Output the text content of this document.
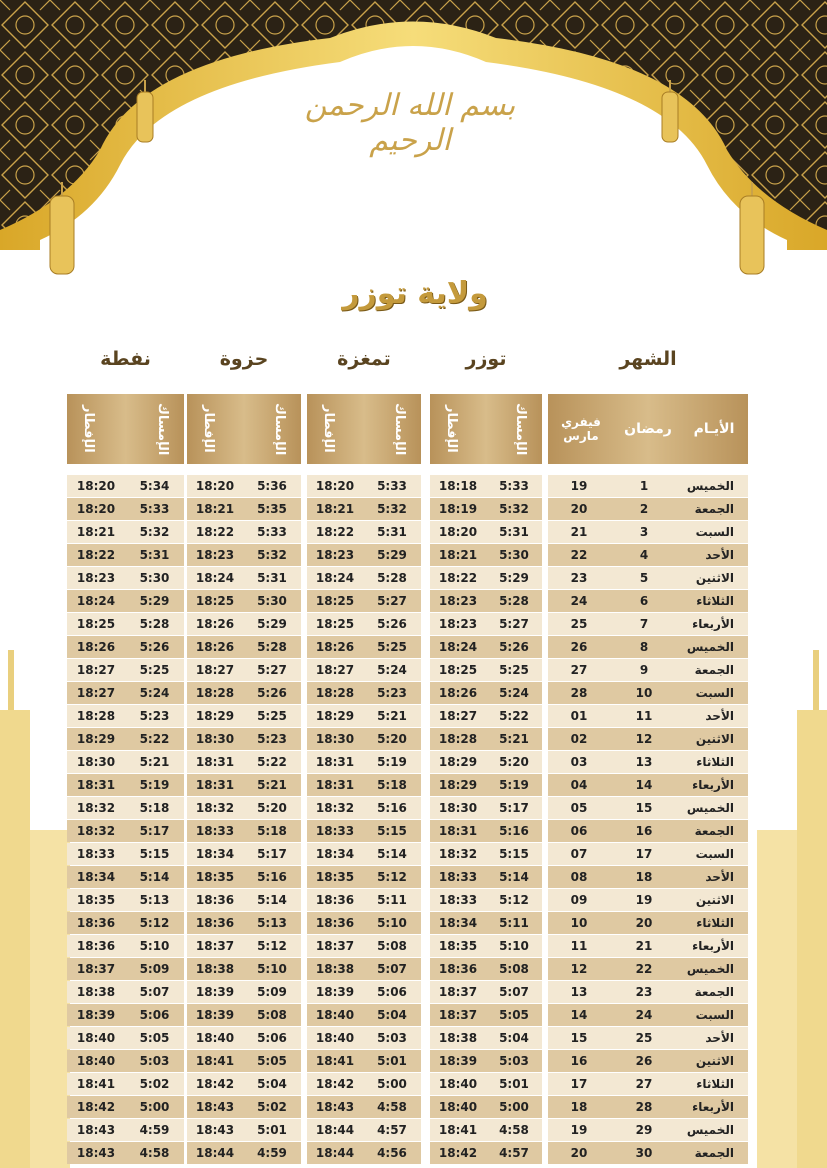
بسم الله الرحمن الرحيم
ولاية توزر
الشهر
توزر
تمغزة
حزوة
نفطة
الأيـام
رمضان
فيفري مارس
الإمساك
الإفطار
الإمساك
الإفطار
الإمساك
الإفطار
الإمساك
الإفطار
18:20	5:34	18:20	5:36	18:20	5:33	18:18	5:33	19	1	الخميس
18:20	5:33	18:21	5:35	18:21	5:32	18:19	5:32	20	2	الجمعة
18:21	5:32	18:22	5:33	18:22	5:31	18:20	5:31	21	3	السبت
18:22	5:31	18:23	5:32	18:23	5:29	18:21	5:30	22	4	الأحد
18:23	5:30	18:24	5:31	18:24	5:28	18:22	5:29	23	5	الاثنين
18:24	5:29	18:25	5:30	18:25	5:27	18:23	5:28	24	6	الثلاثاء
18:25	5:28	18:26	5:29	18:25	5:26	18:23	5:27	25	7	الأربعاء
18:26	5:26	18:26	5:28	18:26	5:25	18:24	5:26	26	8	الخميس
18:27	5:25	18:27	5:27	18:27	5:24	18:25	5:25	27	9	الجمعة
18:27	5:24	18:28	5:26	18:28	5:23	18:26	5:24	28	10	السبت
18:28	5:23	18:29	5:25	18:29	5:21	18:27	5:22	01	11	الأحد
18:29	5:22	18:30	5:23	18:30	5:20	18:28	5:21	02	12	الاثنين
18:30	5:21	18:31	5:22	18:31	5:19	18:29	5:20	03	13	الثلاثاء
18:31	5:19	18:31	5:21	18:31	5:18	18:29	5:19	04	14	الأربعاء
18:32	5:18	18:32	5:20	18:32	5:16	18:30	5:17	05	15	الخميس
18:32	5:17	18:33	5:18	18:33	5:15	18:31	5:16	06	16	الجمعة
18:33	5:15	18:34	5:17	18:34	5:14	18:32	5:15	07	17	السبت
18:34	5:14	18:35	5:16	18:35	5:12	18:33	5:14	08	18	الأحد
18:35	5:13	18:36	5:14	18:36	5:11	18:33	5:12	09	19	الاثنين
18:36	5:12	18:36	5:13	18:36	5:10	18:34	5:11	10	20	الثلاثاء
18:36	5:10	18:37	5:12	18:37	5:08	18:35	5:10	11	21	الأربعاء
18:37	5:09	18:38	5:10	18:38	5:07	18:36	5:08	12	22	الخميس
18:38	5:07	18:39	5:09	18:39	5:06	18:37	5:07	13	23	الجمعة
18:39	5:06	18:39	5:08	18:40	5:04	18:37	5:05	14	24	السبت
18:40	5:05	18:40	5:06	18:40	5:03	18:38	5:04	15	25	الأحد
18:40	5:03	18:41	5:05	18:41	5:01	18:39	5:03	16	26	الاثنين
18:41	5:02	18:42	5:04	18:42	5:00	18:40	5:01	17	27	الثلاثاء
18:42	5:00	18:43	5:02	18:43	4:58	18:40	5:00	18	28	الأربعاء
18:43	4:59	18:43	5:01	18:44	4:57	18:41	4:58	19	29	الخميس
18:43	4:58	18:44	4:59	18:44	4:56	18:42	4:57	20	30	الجمعة
